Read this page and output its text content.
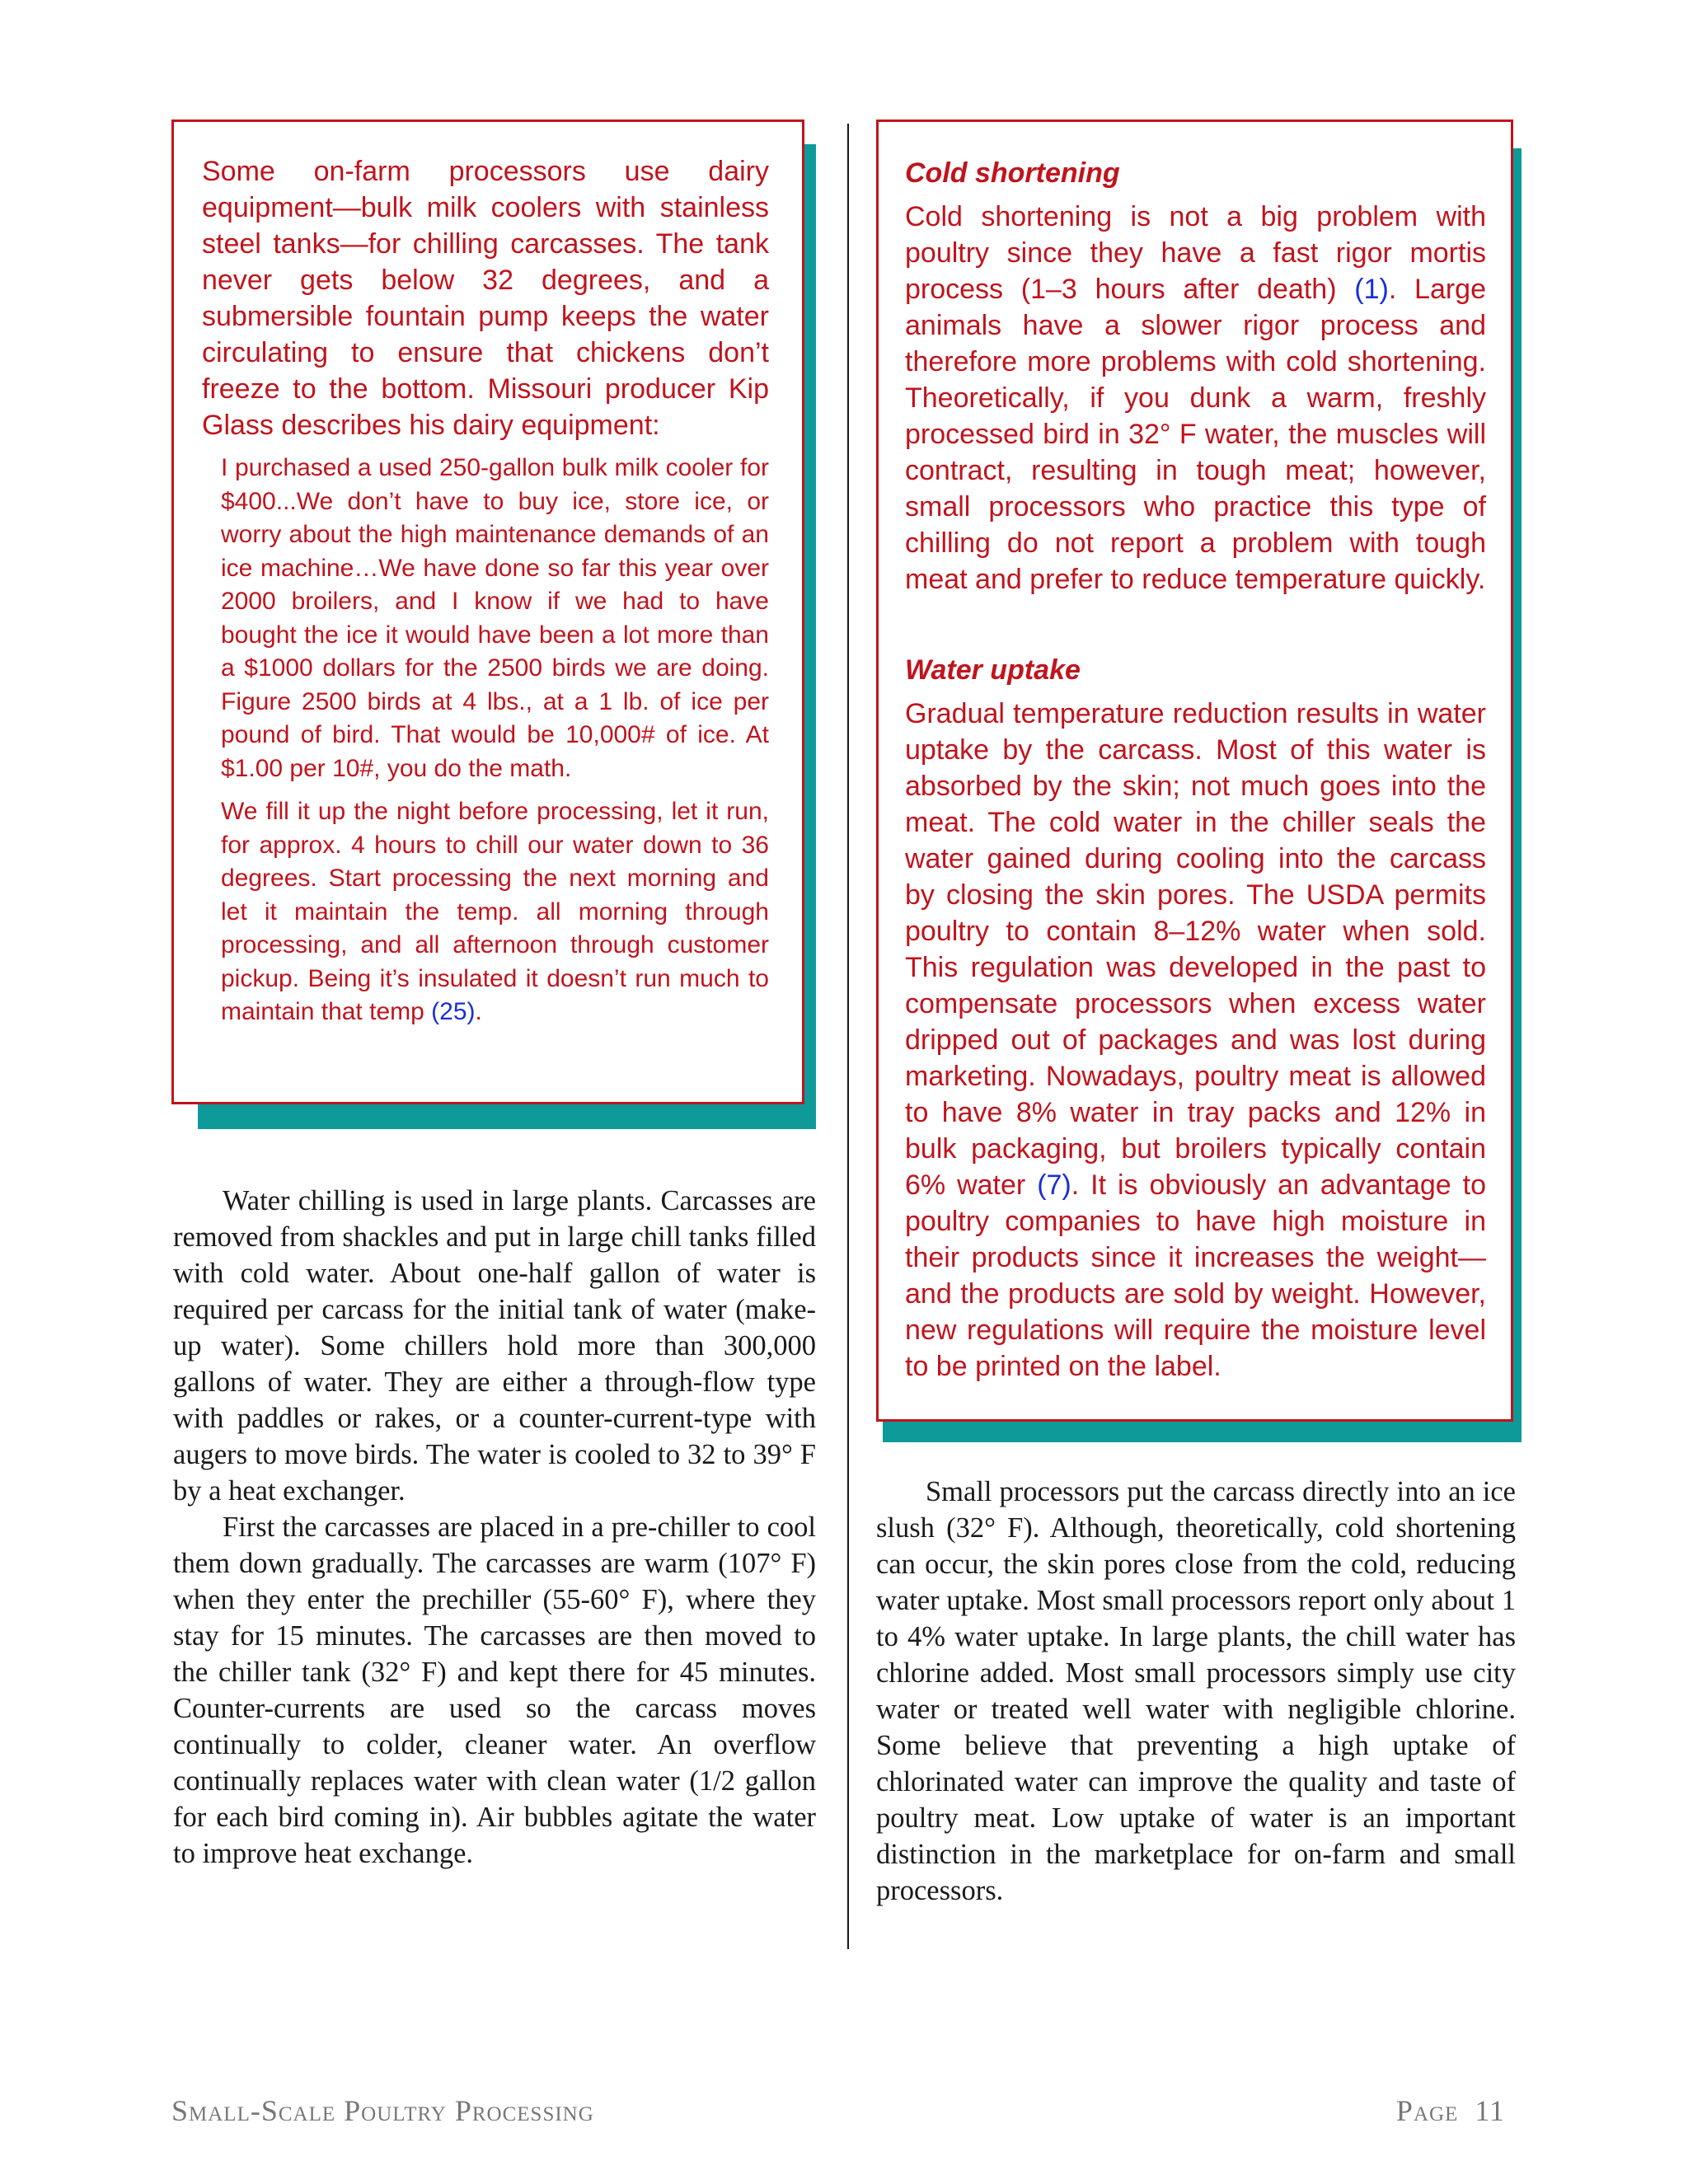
Some on-farm processors use dairy equipment—bulk milk coolers with stainless steel tanks—for chilling carcasses. The tank never gets below 32 degrees, and a submersible fountain pump keeps the water circulating to ensure that chickens don’t freeze to the bottom. Missouri producer Kip Glass describes his dairy equipment:

I purchased a used 250-gallon bulk milk cooler for $400...We don’t have to buy ice, store ice, or worry about the high maintenance demands of an ice machine…We have done so far this year over 2000 broilers, and I know if we had to have bought the ice it would have been a lot more than a $1000 dollars for the 2500 birds we are doing. Figure 2500 birds at 4 lbs., at a 1 lb. of ice per pound of bird. That would be 10,000# of ice. At $1.00 per 10#, you do the math.

We fill it up the night before processing, let it run, for approx. 4 hours to chill our water down to 36 degrees. Start processing the next morning and let it maintain the temp. all morning through processing, and all afternoon through customer pickup. Being it’s insulated it doesn’t run much to maintain that temp (25).

Cold shortening

Cold shortening is not a big problem with poultry since they have a fast rigor mortis process (1–3 hours after death) (1). Large animals have a slower rigor process and therefore more problems with cold shortening. Theoretically, if you dunk a warm, freshly processed bird in 32° F water, the muscles will contract, resulting in tough meat; however, small processors who practice this type of chilling do not report a problem with tough meat and prefer to reduce temperature quickly.

Water uptake

Gradual temperature reduction results in water uptake by the carcass. Most of this water is absorbed by the skin; not much goes into the meat. The cold water in the chiller seals the water gained during cooling into the carcass by closing the skin pores. The USDA permits poultry to contain 8–12% water when sold. This regulation was developed in the past to compensate processors when excess water dripped out of packages and was lost during marketing. Nowadays, poultry meat is allowed to have 8% water in tray packs and 12% in bulk packaging, but broilers typically contain 6% water (7). It is obviously an advantage to poultry companies to have high moisture in their products since it increases the weight—and the products are sold by weight. However, new regulations will require the moisture level to be printed on the label.

Water chilling is used in large plants. Carcasses are removed from shackles and put in large chill tanks filled with cold water. About one-half gallon of water is required per carcass for the initial tank of water (make-up water). Some chillers hold more than 300,000 gallons of water. They are either a through-flow type with paddles or rakes, or a counter-current-type with augers to move birds. The water is cooled to 32 to 39° F by a heat exchanger.

First the carcasses are placed in a pre-chiller to cool them down gradually. The carcasses are warm (107° F) when they enter the prechiller (55-60° F), where they stay for 15 minutes. The carcasses are then moved to the chiller tank (32° F) and kept there for 45 minutes. Counter-currents are used so the carcass moves continually to colder, cleaner water. An overflow continually replaces water with clean water (1/2 gallon for each bird coming in). Air bubbles agitate the water to improve heat exchange.

Small processors put the carcass directly into an ice slush (32° F). Although, theoretically, cold shortening can occur, the skin pores close from the cold, reducing water uptake. Most small processors report only about 1 to 4% water uptake. In large plants, the chill water has chlorine added. Most small processors simply use city water or treated well water with negligible chlorine. Some believe that preventing a high uptake of chlorinated water can improve the quality and taste of poultry meat. Low uptake of water is an important distinction in the marketplace for on-farm and small processors.

Small-Scale Poultry Processing	Page  11
